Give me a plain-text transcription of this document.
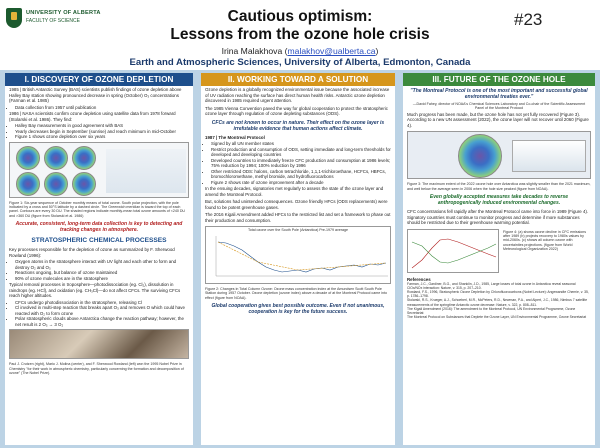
UNIVERSITY OF ALBERTA
FACULTY OF SCIENCE	Cautious optimism:
Lessons from the ozone hole crisis
#23
Irina Malakhova (malakhov@ualberta.ca)
Earth and Atmospheric Sciences, University of Alberta, Edmonton, Canada
I. DISCOVERY OF OZONE DEPLETION

1985 | British Antarctic Survey (BAS) scientists publish findings of ozone depletion above Halley Bay station showing pronounced decrease in spring (October) O₃ concentrations (Farman et al. 1985)

• Data collection from 1957 until publication

1986 | NASA scientists confirm ozone depletion using satellite data from 1978 forward (Stolarski et al. 1986). They find:

• Halley Bay measurements in good agreement with BAS
• Yearly decreases begin in September (sunrise) and reach minimum in mid-October
• Figure 1 shows ozone depletion over six years
Figure 1: Six-year sequence of October monthly means of total ozone. South polar projection, with the pole indicated by a cross and 50°S latitude by a dashed circle. The Greenwich meridian is toward the top of each panel. Contours are every 30 DU. The shaded regions indicate monthly-mean total ozone amounts of <240 DU and >360 DU (figure from Stolarski et al. 1986)
Accurate, consistent, long-term data collection is key to detecting and tracking changes in atmosphere.
STRATOSPHERIC CHEMICAL PROCESSES

Key processes responsible for the depletion of ozone as summarized by F. Sherwood Rowland (1996):

• Oxygen atoms in the stratosphere interact with UV light and each other to form and destroy O₂ and O₃
• Reactions ongoing, but balance of ozone maintained
• 90% of ozone molecules are in the stratosphere

Typical removal processes in troposphere—photodissociation (eg. Cl₂), dissolution in raindrops (eg. HCl), and oxidation (eg. CH₃Cl)—do not affect CFCs. The surviving CFCs reach higher altitudes.

• CFCs undergo photodissociation in the stratosphere, releasing Cl
• Cl involved in multi-step reaction that breaks apart O₃ and removes O which could have reacted with O₂ to form ozone
• Polar stratospheric clouds above Antarctica change the reaction pathway; however, the net result is 2 O₃ → 3 O₂
Paul J. Crutzen (right), Mario J. Molina (center), and F. Sherwood Rowland (left) won the 1995 Nobel Prize in Chemistry "for their work in atmospheric chemistry, particularly concerning the formation and decomposition of ozone" (The Nobel Prize).
II. WORKING TOWARD A SOLUTION

Ozone depletion is a globally recognized environmental issue because the associated increase of UV radiation reaching the surface has direct human health risks. Antarctic ozone depletion discovered in 1985 required urgent attention.

The 1985 Vienna Convention paved the way for global cooperation to protect the stratospheric ozone layer through regulation of ozone depleting substances (ODS).

CFCs are not known to occur in nature. Their effect on the ozone layer is irrefutable evidence that human actions affect climate.

1987 | The Montreal Protocol

• Signed by all UN member states
• Restrict production and consumption of ODS, setting immediate and long-term thresholds for developed and developing countries
• Developed countries to immediately freeze CFC production and consumption at 1986 levels; 75% reduction by 1994; 100% reduction by 1996
• Other restricted ODS: halons, carbon tetrachloride, 1,1,1-trichloroethane, HCFCs, HBFCs, bromochloromethane, methyl bromide, and hydrofluorocarbons
• Figure 2 shows rate of ozone improvement after a decade

In the ensuing decades, signatories met regularly to assess the state of the ozone layer and amend the Montreal Protocol.

But, solutions had unintended consequences. Ozone friendly HFCs (ODS replacements) were found to be potent greenhouse gases.

The 2016 Kigali Amendment added HFCs to the restricted list and set a framework to phase out their production and consumption.

Total ozone over the South Pole (Antarctica) Pre-1979 average
Figure 2: Changes in Total Column Ozone: Ozone mass concentration index at the Amundsen Scott South Pole Station during 1957 October. Ozone depletion (ozone index) above a decade of at the Montreal Protocol came into effect (figure from NOAA).
Global cooperation gives best possible outcome. Even if not unanimous, cooperation is key for the future success.
III. FUTURE OF THE OZONE HOLE
"The Montreal Protocol is one of the most important and successful global environmental treaties ever."
—David Fahey, director of NOAA's Chemical Sciences Laboratory and Co-chair of the Scientific Assessment Panel of the Montreal Protocol

Much progress has been made, but the ozone hole has not yet fully recovered (Figure 3). According to a new UN assessment (2022), the ozone layer will not recover until 2060 (Figure 4).

Figure 3: The maximum extent of the 2022 ozone hole over Antarctica was slightly smaller than the 2021 maximum, and well below the average seen in 2006 when the hole size peaked (figure from NOAA).
Even globally accepted measures take decades to reverse anthropogenically induced environmental changes.

CFC concentrations fell rapidly after the Montreal Protocol came into force in 1989 (Figure 4). Signatory countries must continue to monitor progress and determine if more substances should be restricted due to their greenhouse warming potential.

Figure 4: (a) shows ozone decline in CFC emissions after 1989 (b) projects recovery to 1980s values by mid-2060s. (c) shows all column ozone with uncertainties projections. (figure from World Meteorological Organization 2022)
References
Farman, J.C., Gardiner, B.G., and Shanklin, J.D., 1985, Large losses of total ozone in Antarctica reveal seasonal ClOx/NOx interaction: Nature, v. 315, p. 207–210.
Rowland, F.S., 1996, Stratospheric Ozone Depletion by Chlorofluorocarbons (Nobel Lecture): Angewandte Chemie, v. 35, p. 1786–1798.
Stolarski, R.S., Krueger, A.J., Schoeberl, M.R., McPeters, R.D., Newman, P.A., and Alpert, J.C., 1986, Nimbus 7 satellite measurements of the springtime Antarctic ozone decrease: Nature, v. 322, p. 808–811.
The Kigali Amendment (2016): The amendment to the Montreal Protocol, UN Environmental Programme, Ozone Secretariat
The Montreal Protocol on Substances that Deplete the Ozone Layer, UN Environmental Programme, Ozone Secretariat
